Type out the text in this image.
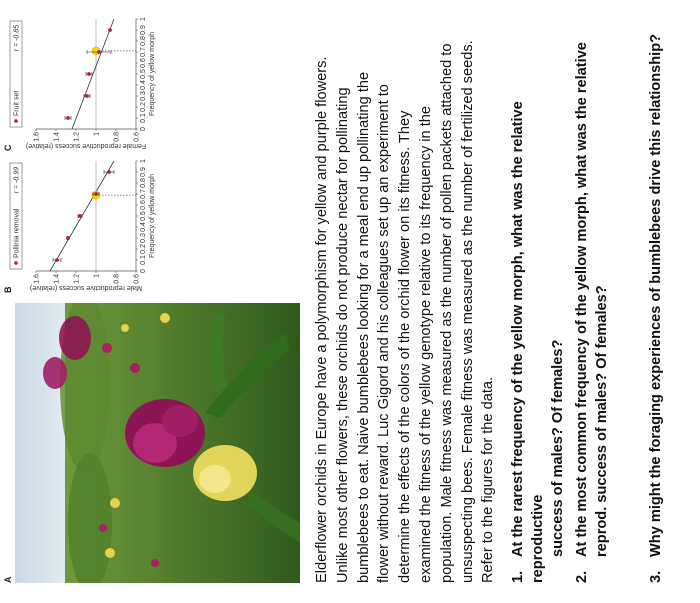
A
B
Pollinia removal
r = -0.99
0.6
0.8
1
1.2
1.4
1.6
0
0.1
0.2
0.3
0.4
0.5
0.6
0.7
0.8
0.9
1
Frequency of yellow morph
Male reproductive success (relative)
C
Fruit set
r = -0.85
0.6
0.8
1
1.2
1.4
1.6
0
0.1
0.2
0.3
0.4
0.5
0.6
0.7
0.8
0.9
1
Frequency of yellow morph
Female reproductive success (relative)	Elderflower orchids in Europe have a polymorphism for yellow and purple flowers. Unlike most other flowers, these orchids do not produce nectar for pollinating bumblebees to eat. Naive bumblebees looking for a meal end up pollinating the flower without reward. Luc Gigord and his colleagues set up an experiment to determine the effects of the colors of the orchid flower on its fitness. They examined the fitness of the yellow genotype relative to its frequency in the population. Male fitness was measured as the number of pollen packets attached to unsuspecting bees. Female fitness was measured as the number of fertilized seeds. Refer to the figures for the data. 1.At the rarest frequency of the yellow morph, what was the relative reproductive success of males? Of females?
2.At the most common frequency of the yellow morph, what was the relative reprod. success of males? Of females?
3.Why might the foraging experiences of bumblebees drive this relationship?
